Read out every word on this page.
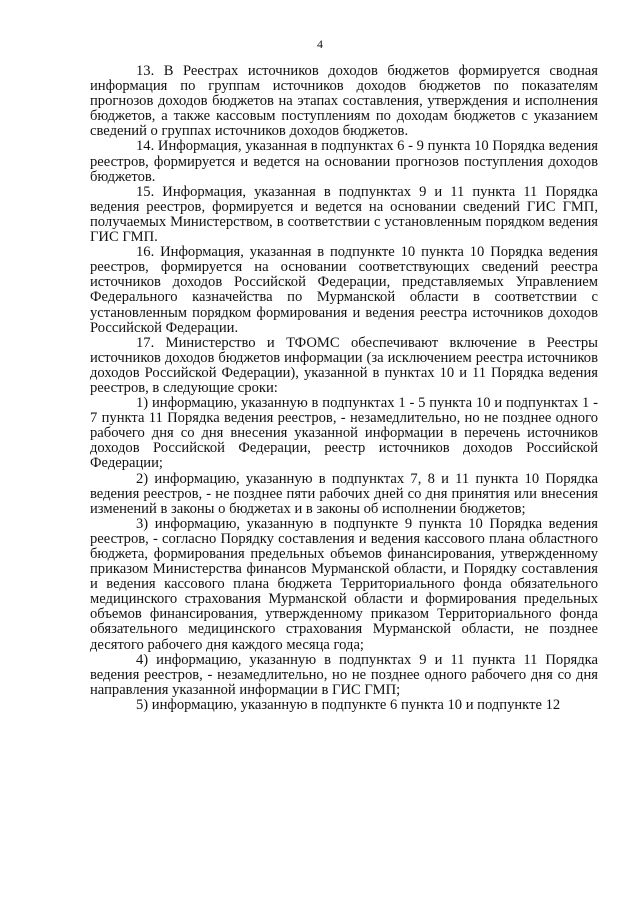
4

13. В Реестрах источников доходов бюджетов формируется сводная информация по группам источников доходов бюджетов по показателям прогнозов доходов бюджетов на этапах составления, утверждения и исполнения бюджетов, а также кассовым поступлениям по доходам бюджетов с указанием сведений о группах источников доходов бюджетов.

14. Информация, указанная в подпунктах 6 - 9 пункта 10 Порядка ведения реестров, формируется и ведется на основании прогнозов поступления доходов бюджетов.

15. Информация, указанная в подпунктах 9 и 11 пункта 11 Порядка ведения реестров, формируется и ведется на основании сведений ГИС ГМП, получаемых Министерством, в соответствии с установленным порядком ведения ГИС ГМП.

16. Информация, указанная в подпункте 10 пункта 10 Порядка ведения реестров, формируется на основании соответствующих сведений реестра источников доходов Российской Федерации, представляемых Управлением Федерального казначейства по Мурманской области в соответствии с установленным порядком формирования и ведения реестра источников доходов Российской Федерации.

17. Министерство и ТФОМС обеспечивают включение в Реестры источников доходов бюджетов информации (за исключением реестра источников доходов Российской Федерации), указанной в пунктах 10 и 11 Порядка ведения реестров, в следующие сроки:

1) информацию, указанную в подпунктах 1 - 5 пункта 10 и подпунктах 1 - 7 пункта 11 Порядка ведения реестров, - незамедлительно, но не позднее одного рабочего дня со дня внесения указанной информации в перечень источников доходов Российской Федерации, реестр источников доходов Российской Федерации;

2) информацию, указанную в подпунктах 7, 8 и 11 пункта 10 Порядка ведения реестров, - не позднее пяти рабочих дней со дня принятия или внесения изменений в законы о бюджетах и в законы об исполнении бюджетов;

3) информацию, указанную в подпункте 9 пункта 10 Порядка ведения реестров, - согласно Порядку составления и ведения кассового плана областного бюджета, формирования предельных объемов финансирования, утвержденному приказом Министерства финансов Мурманской области, и Порядку составления и ведения кассового плана бюджета Территориального фонда обязательного медицинского страхования Мурманской области и формирования предельных объемов финансирования, утвержденному приказом Территориального фонда обязательного медицинского страхования Мурманской области, не позднее десятого рабочего дня каждого месяца года;

4) информацию, указанную в подпунктах 9 и 11 пункта 11 Порядка ведения реестров, - незамедлительно, но не позднее одного рабочего дня со дня направления указанной информации в ГИС ГМП;

5) информацию, указанную в подпункте 6 пункта 10 и подпункте 12
